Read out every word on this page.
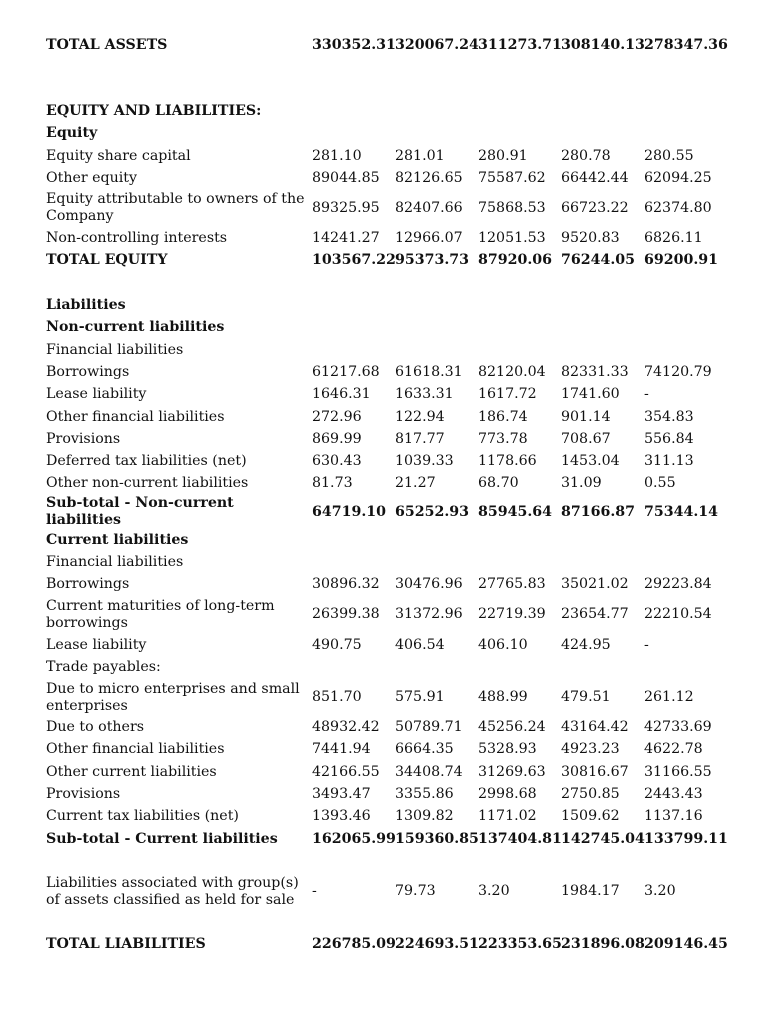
TOTAL ASSETS	330352.31	320067.24	311273.71	308140.13	278347.36

EQUITY AND LIABILITIES:					
Equity					
Equity share capital	281.10	281.01	280.91	280.78	280.55
Other equity	89044.85	82126.65	75587.62	66442.44	62094.25
Equity attributable to owners of the Company	89325.95	82407.66	75868.53	66723.22	62374.80
Non-controlling interests	14241.27	12966.07	12051.53	9520.83	6826.11
TOTAL EQUITY	103567.22	95373.73	87920.06	76244.05	69200.91

Liabilities					
Non-current liabilities					
Financial liabilities					
Borrowings	61217.68	61618.31	82120.04	82331.33	74120.79
Lease liability	1646.31	1633.31	1617.72	1741.60	-
Other financial liabilities	272.96	122.94	186.74	901.14	354.83
Provisions	869.99	817.77	773.78	708.67	556.84
Deferred tax liabilities (net)	630.43	1039.33	1178.66	1453.04	311.13
Other non-current liabilities	81.73	21.27	68.70	31.09	0.55
Sub-total - Non-current liabilities	64719.10	65252.93	85945.64	87166.87	75344.14
Current liabilities					
Financial liabilities					
Borrowings	30896.32	30476.96	27765.83	35021.02	29223.84
Current maturities of long-term borrowings	26399.38	31372.96	22719.39	23654.77	22210.54
Lease liability	490.75	406.54	406.10	424.95	-
Trade payables:					
Due to micro enterprises and small enterprises	851.70	575.91	488.99	479.51	261.12
Due to others	48932.42	50789.71	45256.24	43164.42	42733.69
Other financial liabilities	7441.94	6664.35	5328.93	4923.23	4622.78
Other current liabilities	42166.55	34408.74	31269.63	30816.67	31166.55
Provisions	3493.47	3355.86	2998.68	2750.85	2443.43
Current tax liabilities (net)	1393.46	1309.82	1171.02	1509.62	1137.16
Sub-total - Current liabilities	162065.99	159360.85	137404.81	142745.04	133799.11

Liabilities associated with group(s) of assets classified as held for sale	-	79.73	3.20	1984.17	3.20

TOTAL LIABILITIES	226785.09	224693.51	223353.65	231896.08	209146.45
